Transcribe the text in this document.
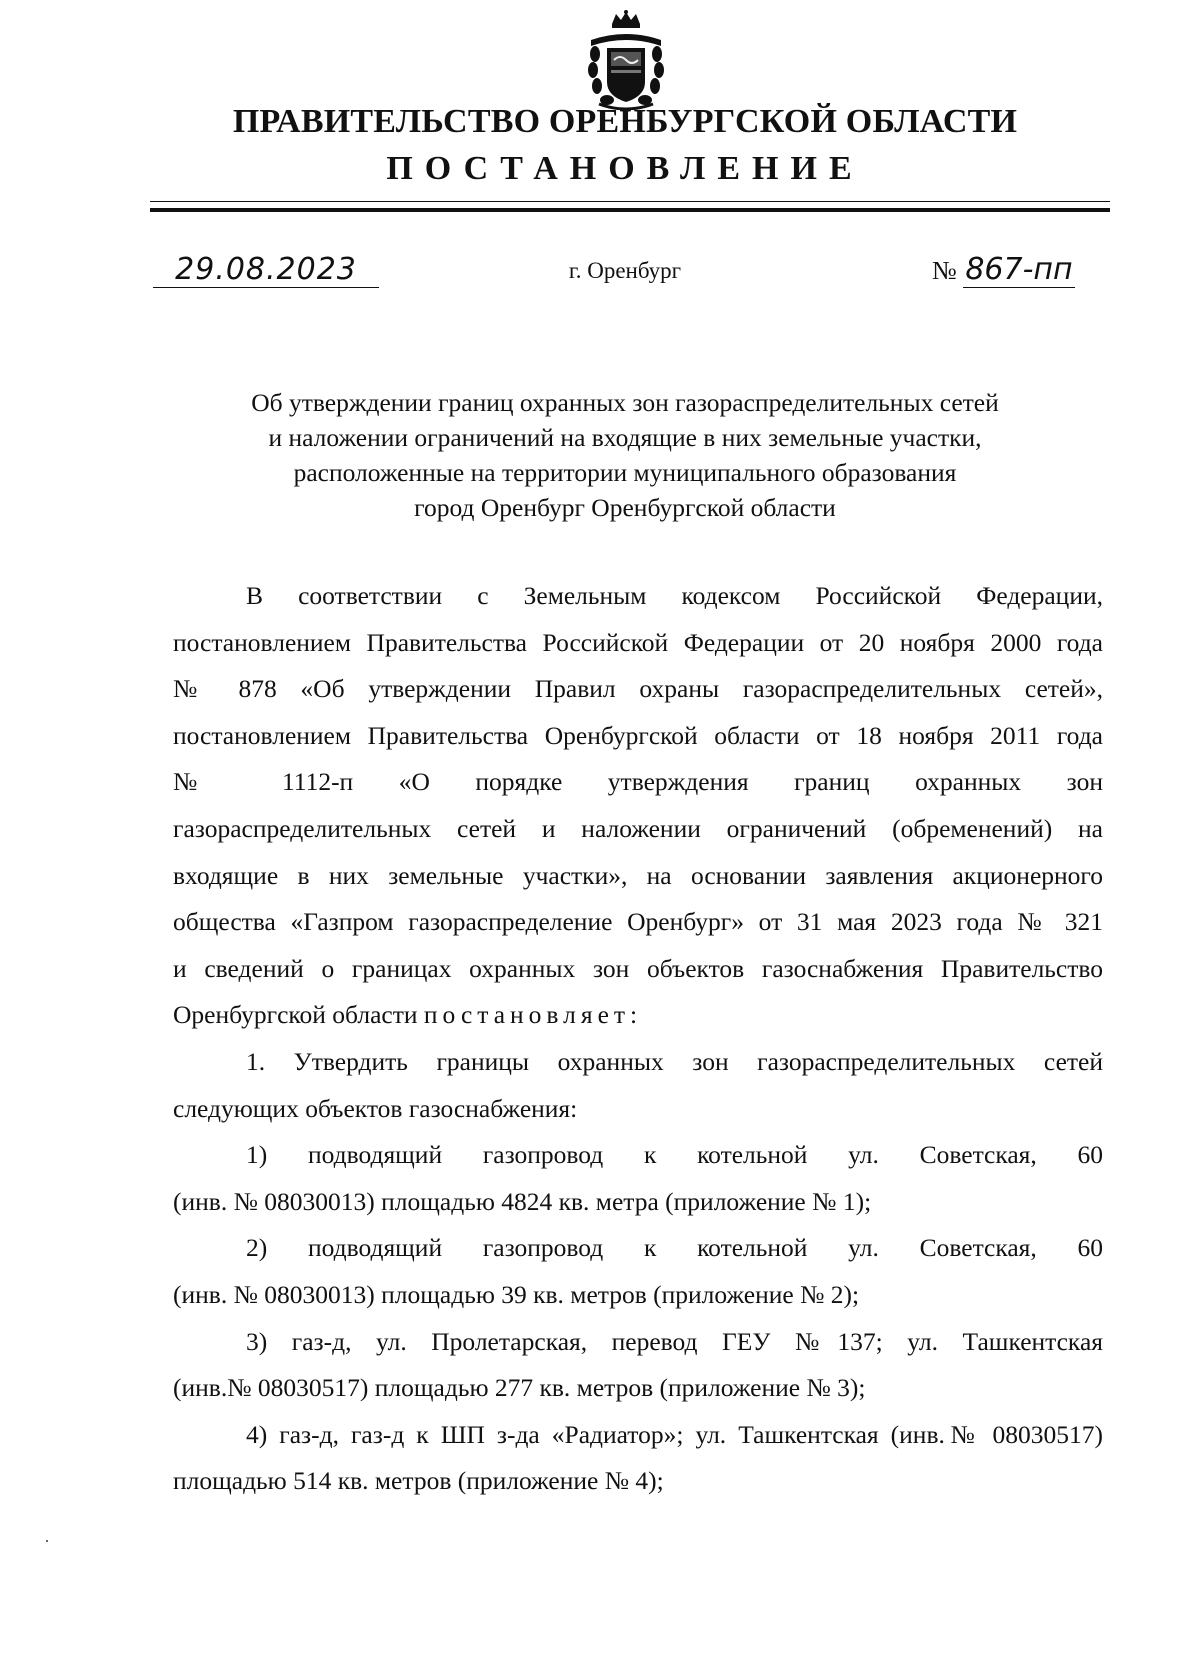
ПРАВИТЕЛЬСТВО ОРЕНБУРГСКОЙ ОБЛАСТИ
ПОСТАНОВЛЕНИЕ
29.08.2023	г. Оренбург	№ 867-пп
Об утверждении границ охранных зон газораспределительных сетей
и наложении ограничений на входящие в них земельные участки,
расположенные на территории муниципального образования
город Оренбург Оренбургской области
В соответствии с Земельным кодексом Российской Федерации,
постановлением Правительства Российской Федерации от 20 ноября 2000 года
№ 878 «Об утверждении Правил охраны газораспределительных сетей»,
постановлением Правительства Оренбургской области от 18 ноября 2011 года
№ 1112-п «О порядке утверждения границ охранных зон
газораспределительных сетей и наложении ограничений (обременений) на
входящие в них земельные участки», на основании заявления акционерного
общества «Газпром газораспределение Оренбург» от 31 мая 2023 года № 321
и сведений о границах охранных зон объектов газоснабжения Правительство
Оренбургской области постановляет:
1. Утвердить границы охранных зон газораспределительных сетей
следующих объектов газоснабжения:
1) подводящий газопровод к котельной ул. Советская, 60
(инв. № 08030013) площадью 4824 кв. метра (приложение № 1);
2) подводящий газопровод к котельной ул. Советская, 60
(инв. № 08030013) площадью 39 кв. метров (приложение № 2);
3) газ-д, ул. Пролетарская, перевод ГЕУ №137; ул. Ташкентская
(инв.№ 08030517) площадью 277 кв. метров (приложение № 3);
4) газ-д, газ-д к ШП з-да «Радиатор»; ул. Ташкентская (инв.№ 08030517)
площадью 514 кв. метров (приложение № 4);
